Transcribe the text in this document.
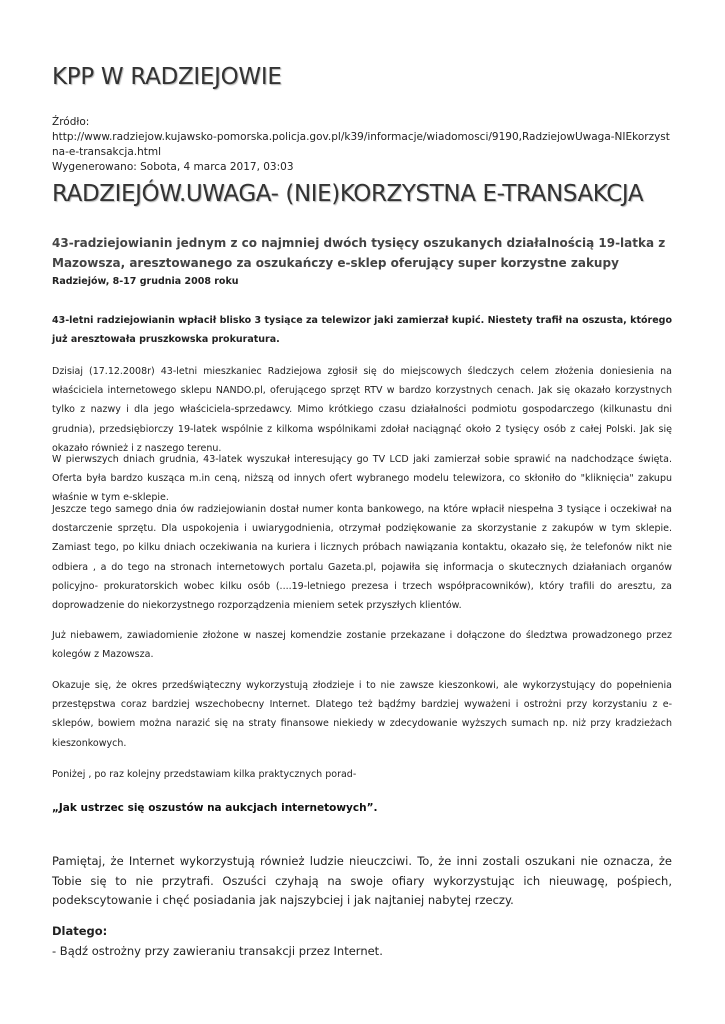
KPP W RADZIEJOWIE
Źródło:
http://www.radziejow.kujawsko-pomorska.policja.gov.pl/k39/informacje/wiadomosci/9190,RadziejowUwaga-NIEkorzystna-e-transakcja.html
Wygenerowano: Sobota, 4 marca 2017, 03:03
RADZIEJÓW.UWAGA- (NIE)KORZYSTNA E-TRANSAKCJA

43-radziejowianin jednym z co najmniej dwóch tysięcy oszukanych działalnością 19-latka z Mazowsza, aresztowanego za oszukańczy e-sklep oferujący super korzystne zakupy

Radziejów, 8-17 grudnia 2008 roku

43-letni radziejowianin wpłacił blisko 3 tysiące za telewizor jaki zamierzał kupić. Niestety trafił na oszusta, którego już aresztowała pruszkowska prokuratura.

Dzisiaj (17.12.2008r) 43-letni mieszkaniec Radziejowa zgłosił się do miejscowych śledczych celem złożenia doniesienia na właściciela internetowego sklepu NANDO.pl, oferującego sprzęt RTV w bardzo korzystnych cenach. Jak się okazało korzystnych tylko z nazwy i dla jego właściciela-sprzedawcy. Mimo krótkiego czasu działalności podmiotu gospodarczego (kilkunastu dni grudnia), przedsiębiorczy 19-latek wspólnie z kilkoma wspólnikami zdołał naciągnąć około 2 tysięcy osób z całej Polski. Jak się okazało również i z naszego terenu.

W pierwszych dniach grudnia, 43-latek wyszukał interesujący go TV LCD jaki zamierzał sobie sprawić na nadchodzące święta. Oferta była bardzo kusząca m.in ceną, niższą od innych ofert wybranego modelu telewizora, co skłoniło do "kliknięcia" zakupu właśnie w tym e-sklepie.

Jeszcze tego samego dnia ów radziejowianin dostał numer konta bankowego, na które wpłacił niespełna 3 tysiące i oczekiwał na dostarczenie sprzętu. Dla uspokojenia i uwiarygodnienia, otrzymał podziękowanie za skorzystanie z zakupów w tym sklepie. Zamiast tego, po kilku dniach oczekiwania na kuriera i licznych próbach nawiązania kontaktu, okazało się, że telefonów nikt nie odbiera , a do tego na stronach internetowych portalu Gazeta.pl, pojawiła się informacja o skutecznych działaniach organów policyjno- prokuratorskich wobec kilku osób (....19-letniego prezesa i trzech współpracowników), który trafili do aresztu, za doprowadzenie do niekorzystnego rozporządzenia mieniem setek przyszłych klientów.

Już niebawem, zawiadomienie złożone w naszej komendzie zostanie przekazane i dołączone do śledztwa prowadzonego przez kolegów z Mazowsza.

Okazuje się, że okres przedświąteczny wykorzystują złodzieje i to nie zawsze kieszonkowi, ale wykorzystujący do popełnienia przestępstwa coraz bardziej wszechobecny Internet. Dlatego też bądźmy bardziej wyważeni i ostrożni przy korzystaniu z e-sklepów, bowiem można narazić się na straty finansowe niekiedy w zdecydowanie wyższych sumach np. niż przy kradzieżach kieszonkowych.

Poniżej , po raz kolejny przedstawiam kilka praktycznych porad-

„Jak ustrzec się oszustów na aukcjach internetowych”.

Pamiętaj, że Internet wykorzystują również ludzie nieuczciwi. To, że inni zostali oszukani nie oznacza, że Tobie się to nie przytrafi. Oszuści czyhają na swoje ofiary wykorzystując ich nieuwagę, pośpiech, podekscytowanie i chęć posiadania jak najszybciej i jak najtaniej nabytej rzeczy.

Dlatego:
- Bądź ostrożny przy zawieraniu transakcji przez Internet.
